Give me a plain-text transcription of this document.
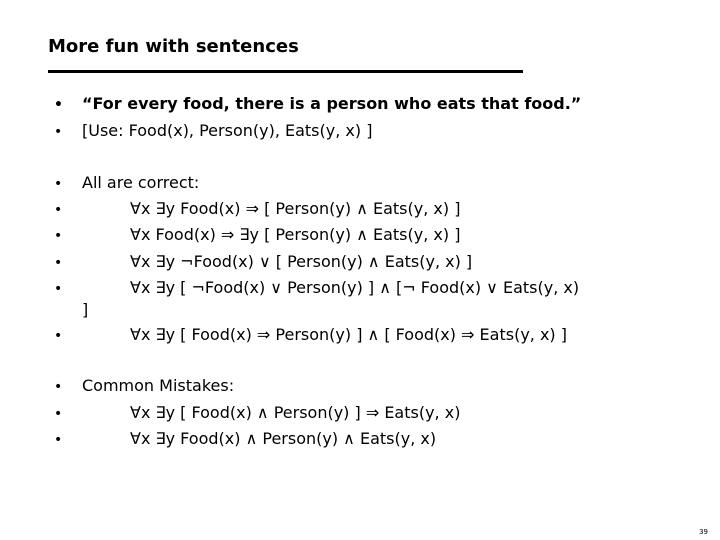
More fun with sentences
• “For every food, there is a person who eats that food.”
• [Use: Food(x), Person(y), Eats(y, x) ]
• All are correct:
•	∀x ∃y Food(x) ⇒ [ Person(y) ∧ Eats(y, x) ]
•	∀x Food(x) ⇒ ∃y [ Person(y) ∧ Eats(y, x) ]
•	∀x ∃y ¬Food(x) ∨ [ Person(y) ∧ Eats(y, x) ]
•	∀x ∃y [ ¬Food(x) ∨ Person(y) ] ∧ [¬ Food(x) ∨ Eats(y, x)
]
•	∀x ∃y [ Food(x) ⇒ Person(y) ] ∧ [ Food(x) ⇒ Eats(y, x) ]
• Common Mistakes:
•	∀x ∃y [ Food(x) ∧ Person(y) ] ⇒ Eats(y, x)
•	∀x ∃y Food(x) ∧ Person(y) ∧ Eats(y, x)
39
